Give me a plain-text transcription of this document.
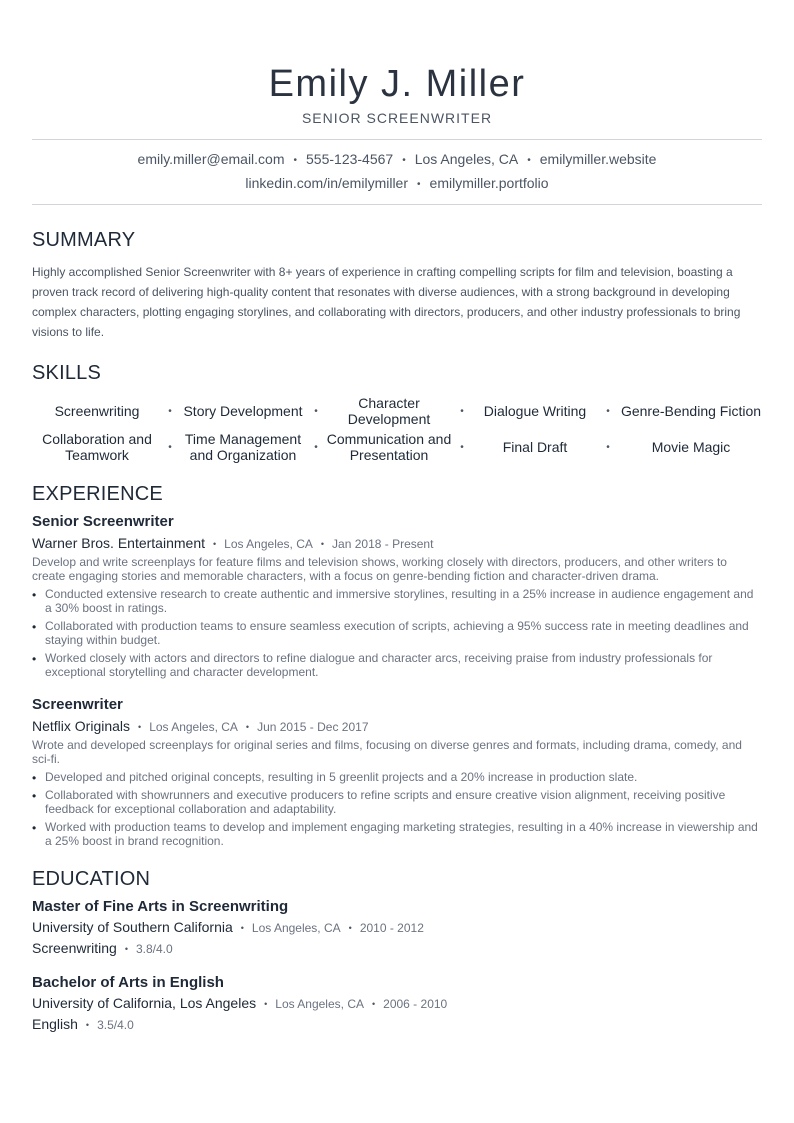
Emily J. Miller
SENIOR SCREENWRITER
emily.miller@email.com • 555-123-4567 • Los Angeles, CA • emilymiller.website
linkedin.com/in/emilymiller • emilymiller.portfolio
SUMMARY

Highly accomplished Senior Screenwriter with 8+ years of experience in crafting compelling scripts for film and television, boasting a proven track record of delivering high-quality content that resonates with diverse audiences, with a strong background in developing complex characters, plotting engaging storylines, and collaborating with directors, producers, and other industry professionals to bring visions to life.

SKILLS
Screenwriting	• Story Development	•	Character Development	•	Dialogue Writing	• Genre-Bending Fiction
Collaboration and Teamwork	• Time Management and Organization	• Communication and Presentation	•	Final Draft	•	Movie Magic
EXPERIENCE
Senior Screenwriter
Warner Bros. Entertainment • Los Angeles, CA • Jan 2018 - Present

Develop and write screenplays for feature films and television shows, working closely with directors, producers, and other writers to create engaging stories and memorable characters, with a focus on genre-bending fiction and character-driven drama.

• Conducted extensive research to create authentic and immersive storylines, resulting in a 25% increase in audience engagement and a 30% boost in ratings.
• Collaborated with production teams to ensure seamless execution of scripts, achieving a 95% success rate in meeting deadlines and staying within budget.
• Worked closely with actors and directors to refine dialogue and character arcs, receiving praise from industry professionals for exceptional storytelling and character development.
Screenwriter
Netflix Originals • Los Angeles, CA • Jun 2015 - Dec 2017

Wrote and developed screenplays for original series and films, focusing on diverse genres and formats, including drama, comedy, and sci-fi.

• Developed and pitched original concepts, resulting in 5 greenlit projects and a 20% increase in production slate.
• Collaborated with showrunners and executive producers to refine scripts and ensure creative vision alignment, receiving positive feedback for exceptional collaboration and adaptability.
• Worked with production teams to develop and implement engaging marketing strategies, resulting in a 40% increase in viewership and a 25% boost in brand recognition.
EDUCATION
Master of Fine Arts in Screenwriting
University of Southern California • Los Angeles, CA • 2010 - 2012
Screenwriting • 3.8/4.0
Bachelor of Arts in English
University of California, Los Angeles • Los Angeles, CA • 2006 - 2010
English • 3.5/4.0
